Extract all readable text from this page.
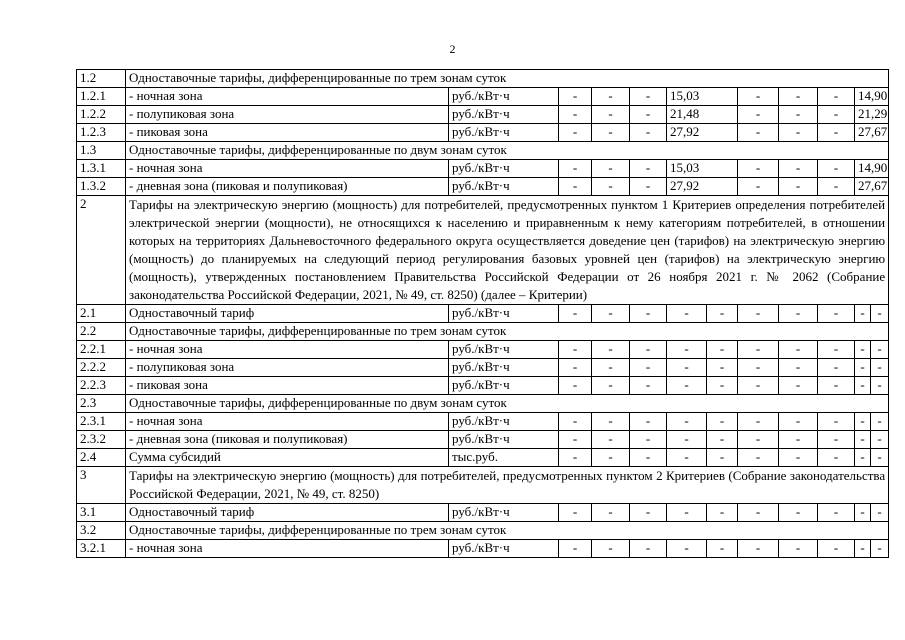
2
1.2	Одноставочные тарифы, дифференцированные по трем зонам суток											
1.2.1	- ночная зона	руб./кВт·ч	-	-	-	15,03		-	-	-	14,90	
1.2.2	- полупиковая зона	руб./кВт·ч	-	-	-	21,48		-	-	-	21,29	
1.2.3	- пиковая зона	руб./кВт·ч	-	-	-	27,92		-	-	-	27,67	
1.3	Одноставочные тарифы, дифференцированные по двум зонам суток											
1.3.1	- ночная зона	руб./кВт·ч	-	-	-	15,03		-	-	-	14,90	
1.3.2	- дневная зона (пиковая и полупиковая)	руб./кВт·ч	-	-	-	27,92		-	-	-	27,67	
2	Тарифы на электрическую энергию (мощность) для потребителей, предусмотренных пунктом 1 Критериев определения потребителей электрической энергии (мощности), не относящихся к населению и приравненным к нему категориям потребителей, в отношении которых на территориях Дальневосточного федерального округа осуществляется доведение цен (тарифов) на электрическую энергию (мощность) до планируемых на следующий период регулирования базовых уровней цен (тарифов) на электрическую энергию (мощность), утвержденных постановлением Правительства Российской Федерации от 26 ноября 2021 г. № 2062 (Собрание законодательства Российской Федерации, 2021, № 49, ст. 8250) (далее – Критерии)											
2.1	Одноставочный тариф	руб./кВт·ч	-	-	-	-	-	-	-	-	-	-
2.2	Одноставочные тарифы, дифференцированные по трем зонам суток											
2.2.1	- ночная зона	руб./кВт·ч	-	-	-	-	-	-	-	-	-	-
2.2.2	- полупиковая зона	руб./кВт·ч	-	-	-	-	-	-	-	-	-	-
2.2.3	- пиковая зона	руб./кВт·ч	-	-	-	-	-	-	-	-	-	-
2.3	Одноставочные тарифы, дифференцированные по двум зонам суток											
2.3.1	- ночная зона	руб./кВт·ч	-	-	-	-	-	-	-	-	-	-
2.3.2	- дневная зона (пиковая и полупиковая)	руб./кВт·ч	-	-	-	-	-	-	-	-	-	-
2.4	Сумма субсидий	тыс.руб.	-	-	-	-	-	-	-	-	-	-
3	Тарифы на электрическую энергию (мощность) для потребителей, предусмотренных пунктом 2 Критериев (Собрание законодательства Российской Федерации, 2021, № 49, ст. 8250)											
3.1	Одноставочный тариф	руб./кВт·ч	-	-	-	-	-	-	-	-	-	-
3.2	Одноставочные тарифы, дифференцированные по трем зонам суток											
3.2.1	- ночная зона	руб./кВт·ч	-	-	-	-	-	-	-	-	-	-
